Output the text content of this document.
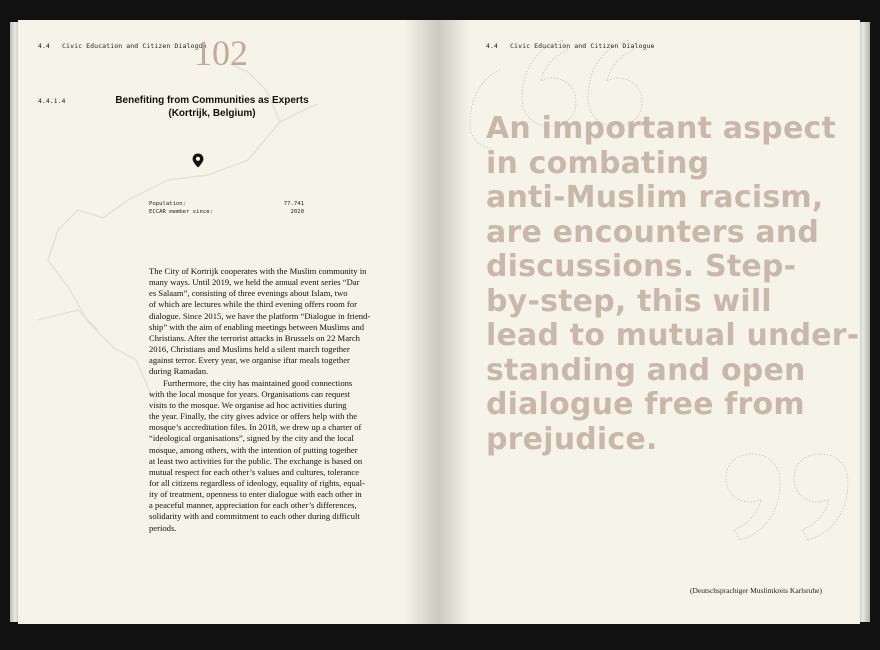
4.4 Civic Education and Citizen Dialogue
102
4.4.1.4	Benefiting from Communities as Experts
(Kortrijk, Belgium)
Population:	77.741
ECCAR member since:	2020

The City of Kortrijk cooperates with the Muslim community in
many ways. Until 2019, we held the annual event series “Dar
es Salaam”, consisting of three evenings about Islam, two
of which are lectures while the third evening offers room for
dialogue. Since 2015, we have the platform “Dialogue in friend-
ship” with the aim of enabling meetings between Muslims and
Christians. After the terrorist attacks in Brussels on 22 March
2016, Christians and Muslims held a silent march together
against terror. Every year, we organise iftar meals together
during Ramadan.

Furthermore, the city has maintained good connections
with the local mosque for years. Organisations can request
visits to the mosque. We organise ad hoc activities during
the year. Finally, the city gives advice or offers help with the
mosque’s accreditation files. In 2018, we drew up a charter of
“ideological organisations”, signed by the city and the local
mosque, among others, with the intention of putting together
at least two activities for the public. The exchange is based on
mutual respect for each other’s values and cultures, tolerance
for all citizens regardless of ideology, equality of rights, equal-
ity of treatment, openness to enter dialogue with each other in
a peaceful manner, appreciation for each other’s differences,
solidarity with and commitment to each other during difficult
periods.

4.4 Civic Education and Citizen Dialogue
An important aspect
in combating
anti-Muslim racism,
are encounters and
discussions. Step-
by-step, this will
lead to mutual under-
standing and open
dialogue free from
prejudice.
(Deutschsprachiger Muslimkreis Karlsruhe)
